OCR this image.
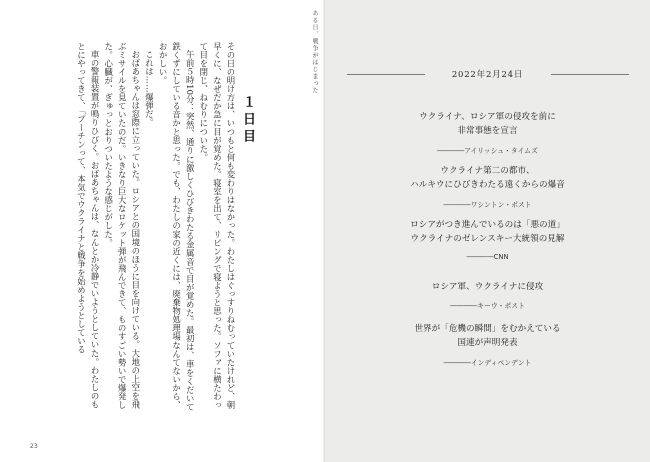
ある日、戦争がはじまった
１日目

その日の明け方は、いつもと何も変わりはなかった。わたしはぐっすりねむっていたけれど、朝早くに、なぜだか急に目が覚めた。寝室を出て、リビングで寝ようと思った。ソファに横たわって目を閉じ、ねむりについた。

午前５時10分：突然、通りに激しくひびきわたる金属音で目が覚めた。最初は、車をくだいて鉄くずにしている音かと思った。でも、わたしの家の近くには、廃棄物処理場なんてないから、おかしい。

これは……爆弾だ。

おばあちゃんは窓際に立っていた。ロシアとの国境のほうに目を向けている。大地の上空を飛ぶミサイルを見ていたのだ。いきなり巨大なロケット弾が飛んできて、ものすごい勢いで爆発した。心臓が、ぎゅっとおりついたような感じがした。

車の警報装置が鳴りひびく。おばあちゃんは、なんとか冷静でいようとしていた。わたしのもとにやってきて、「プーチンって、本気でウクライナと戦争を始めようとしている

23
2022年2月24日
ウクライナ、ロシア軍の侵攻を前に
非常事態を宣言
――――アイリッシュ・タイムズ
ウクライナ第二の都市、
ハルキウにひびきわたる遠くからの爆音
――――ワシントン・ポスト
ロシアがつき進んでいるのは「悪の道」
ウクライナのゼレンスキー大統領の見解
――――CNN
ロシア軍、ウクライナに侵攻
――――キーウ・ポスト
世界が「危機の瞬間」をむかえている
国連が声明発表
――――インディペンデント
